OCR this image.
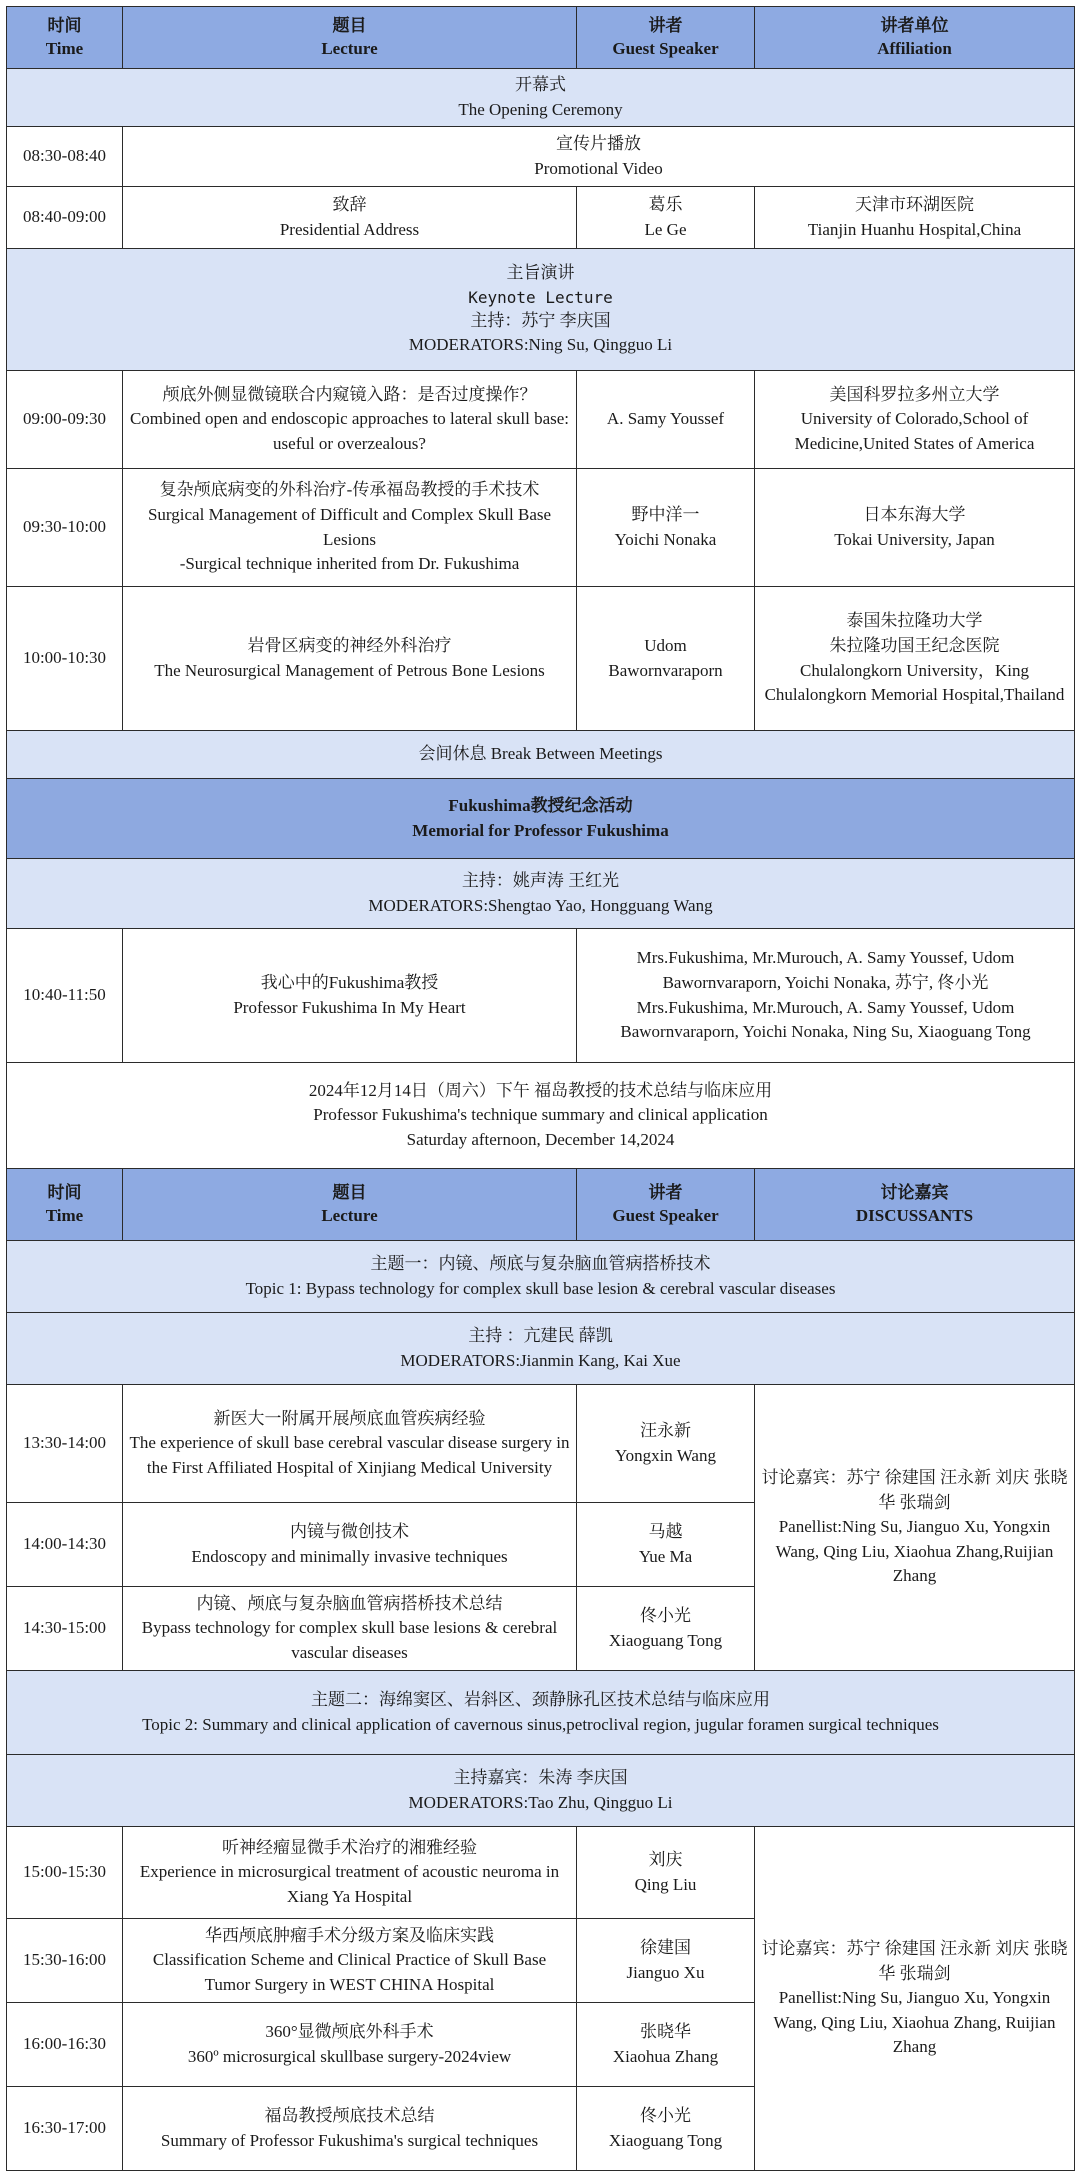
时间
Time	题目
Lecture	讲者
Guest Speaker	讲者单位
Affiliation

开幕式
The Opening Ceremony			

08:30-08:40	宣传片播放
Promotional Video		

08:40-09:00	致辞
Presidential Address	葛乐
Le Ge	天津市环湖医院
Tianjin Huanhu Hospital,China

主旨演讲
Keynote Lecture
主持：苏宁 李庆国
MODERATORS:Ning Su, Qingguo Li			

09:00-09:30	颅底外侧显微镜联合内窥镜入路：是否过度操作？
Combined open and endoscopic approaches to lateral skull base: useful or overzealous?	A. Samy Youssef	美国科罗拉多州立大学
University of Colorado,School of Medicine,United States of America

09:30-10:00	复杂颅底病变的外科治疗-传承福岛教授的手术技术
Surgical Management of Difficult and Complex Skull Base Lesions
-Surgical technique inherited from Dr. Fukushima	野中洋一
Yoichi Nonaka	日本东海大学
Tokai University, Japan

10:00-10:30	岩骨区病变的神经外科治疗
The Neurosurgical Management of Petrous Bone Lesions	Udom
Bawornvaraporn	泰国朱拉隆功大学
朱拉隆功国王纪念医院
Chulalongkorn University，King Chulalongkorn Memorial Hospital,Thailand

会间休息 Break Between Meetings			

Fukushima教授纪念活动
Memorial for Professor Fukushima			

主持：姚声涛 王红光
MODERATORS:Shengtao Yao, Hongguang Wang			

10:40-11:50	我心中的Fukushima教授
Professor Fukushima In My Heart	Mrs.Fukushima, Mr.Murouch, A. Samy Youssef, Udom Bawornvaraporn, Yoichi Nonaka, 苏宁, 佟小光
Mrs.Fukushima, Mr.Murouch, A. Samy Youssef, Udom Bawornvaraporn, Yoichi Nonaka, Ning Su, Xiaoguang Tong	

2024年12月14日（周六）下午 福岛教授的技术总结与临床应用
Professor Fukushima's technique summary and clinical application
Saturday afternoon, December 14,2024			

时间
Time	题目
Lecture	讲者
Guest Speaker	讨论嘉宾
DISCUSSANTS

主题一：内镜、颅底与复杂脑血管病搭桥技术
Topic 1: Bypass technology for complex skull base lesion & cerebral vascular diseases			

主持 ：亢建民 薛凯
MODERATORS:Jianmin Kang, Kai Xue			

13:30-14:00	新医大一附属开展颅底血管疾病经验
The experience of skull base cerebral vascular disease surgery in the First Affiliated Hospital of Xinjiang Medical University	汪永新
Yongxin Wang	讨论嘉宾：苏宁 徐建国 汪永新 刘庆 张晓华 张瑞剑
Panellist:Ning Su, Jianguo Xu, Yongxin Wang, Qing Liu, Xiaohua Zhang,Ruijian Zhang

14:00-14:30	内镜与微创技术
Endoscopy and minimally invasive techniques	马越
Yue Ma	

14:30-15:00	内镜、颅底与复杂脑血管病搭桥技术总结
Bypass technology for complex skull base lesions & cerebral vascular diseases	佟小光
Xiaoguang Tong	

主题二：海绵窦区、岩斜区、颈静脉孔区技术总结与临床应用
Topic 2: Summary and clinical application of cavernous sinus,petroclival region, jugular foramen surgical techniques			

主持嘉宾：朱涛 李庆国
MODERATORS:Tao Zhu, Qingguo Li			

15:00-15:30	听神经瘤显微手术治疗的湘雅经验
Experience in microsurgical treatment of acoustic neuroma in Xiang Ya Hospital	刘庆
Qing Liu	讨论嘉宾：苏宁 徐建国 汪永新 刘庆 张晓华 张瑞剑
Panellist:Ning Su, Jianguo Xu, Yongxin Wang, Qing Liu, Xiaohua Zhang, Ruijian Zhang

15:30-16:00	华西颅底肿瘤手术分级方案及临床实践
Classification Scheme and Clinical Practice of Skull Base Tumor Surgery in WEST CHINA Hospital	徐建国
Jianguo Xu	

16:00-16:30	360°显微颅底外科手术
360º microsurgical skullbase surgery-2024view	张晓华
Xiaohua Zhang	

16:30-17:00	福岛教授颅底技术总结
Summary of Professor Fukushima's surgical techniques	佟小光
Xiaoguang Tong	
